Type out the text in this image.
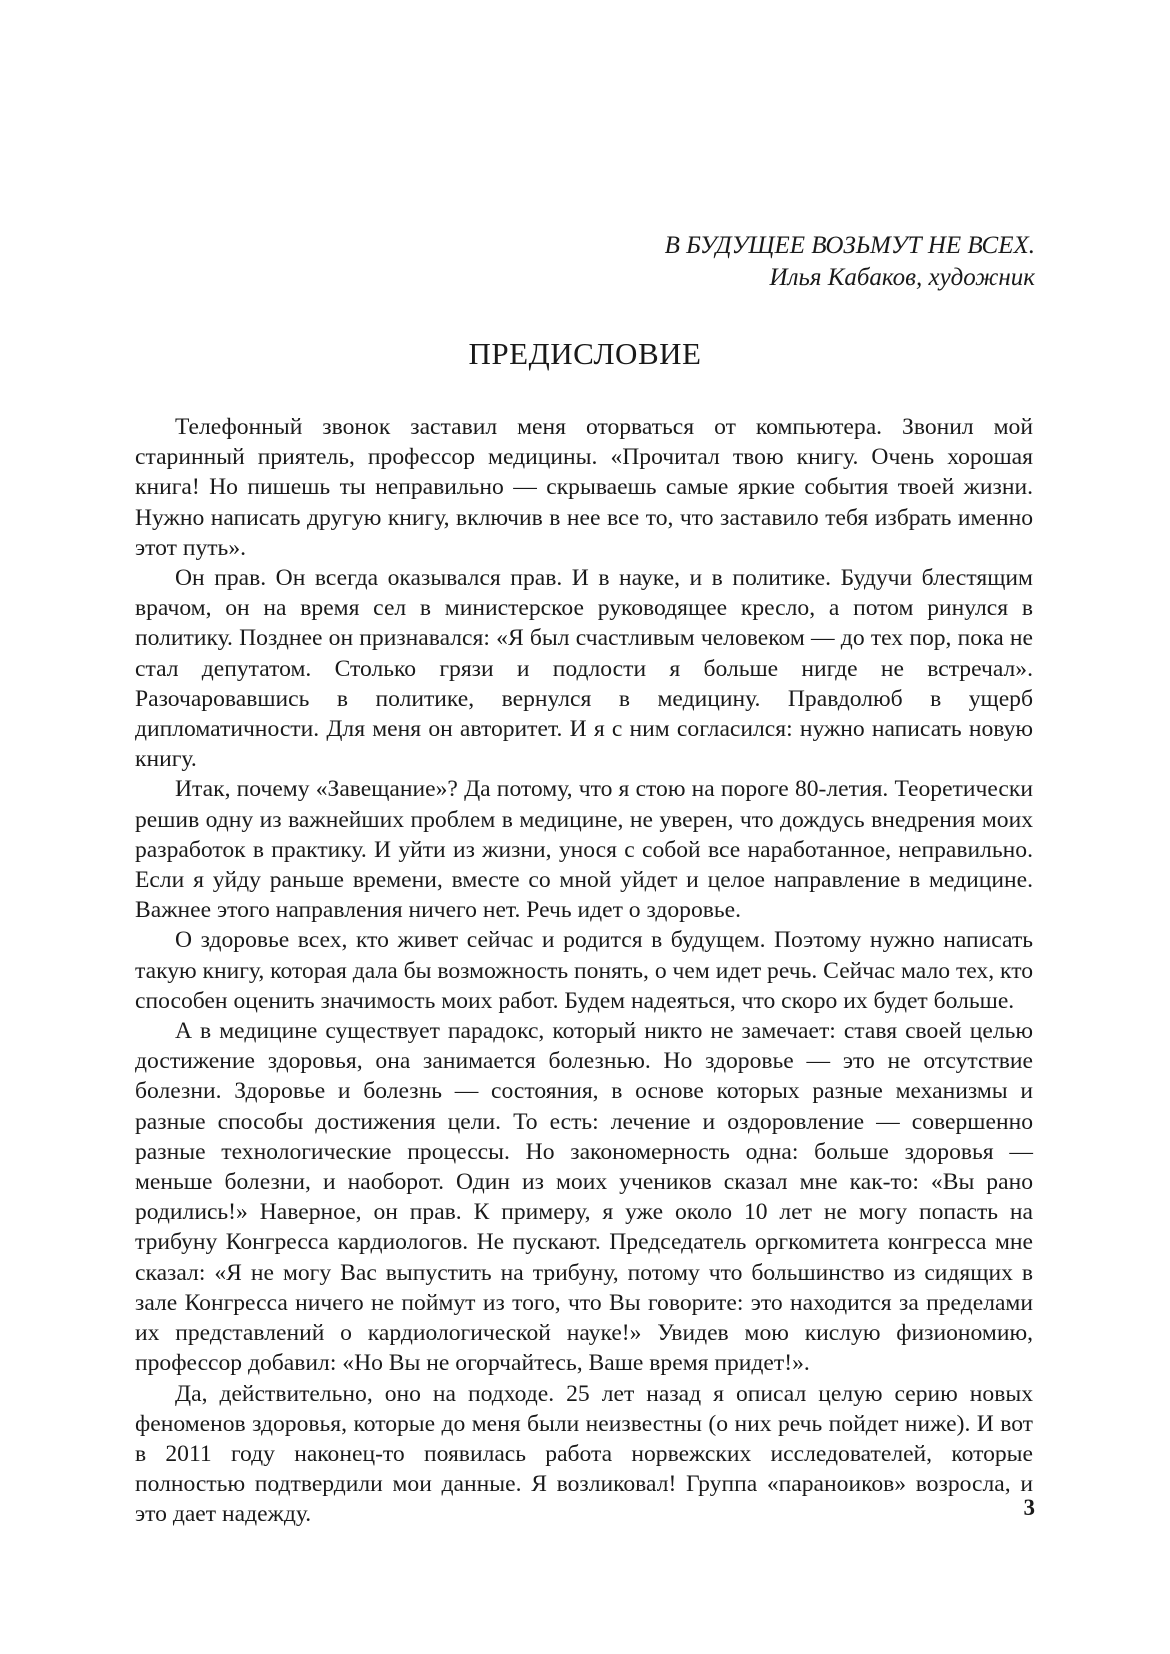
В БУДУЩЕЕ ВОЗЬМУТ НЕ ВСЕХ.
Илья Кабаков, художник
ПРЕДИСЛОВИЕ

Телефонный звонок заставил меня оторваться от компьютера. Звонил мой старинный приятель, профессор медицины. «Прочитал твою книгу. Очень хорошая книга! Но пишешь ты неправильно — скрываешь самые яркие события твоей жизни. Нужно написать другую книгу, включив в нее все то, что заставило тебя избрать именно этот путь».

Он прав. Он всегда оказывался прав. И в науке, и в политике. Будучи блестящим врачом, он на время сел в министерское руководящее кресло, а потом ринулся в политику. Позднее он признавался: «Я был счастливым человеком — до тех пор, пока не стал депутатом. Столько грязи и подлости я больше нигде не встречал». Разочаровавшись в политике, вернулся в медицину. Правдолюб в ущерб дипломатичности. Для меня он авторитет. И я с ним согласился: нужно написать новую книгу.

Итак, почему «Завещание»? Да потому, что я стою на пороге 80-летия. Теоретически решив одну из важнейших проблем в медицине, не уверен, что дождусь внедрения моих разработок в практику. И уйти из жизни, унося с собой все наработанное, неправильно. Если я уйду раньше времени, вместе со мной уйдет и целое направление в медицине. Важнее этого направления ничего нет. Речь идет о здоровье.

О здоровье всех, кто живет сейчас и родится в будущем. Поэтому нужно написать такую книгу, которая дала бы возможность понять, о чем идет речь. Сейчас мало тех, кто способен оценить значимость моих работ. Будем надеяться, что скоро их будет больше.

А в медицине существует парадокс, который никто не замечает: ставя своей целью достижение здоровья, она занимается болезнью. Но здоровье — это не отсутствие болезни. Здоровье и болезнь — состояния, в основе которых разные механизмы и разные способы достижения цели. То есть: лечение и оздоровление — совершенно разные технологические процессы. Но закономерность одна: больше здоровья — меньше болезни, и наоборот. Один из моих учеников сказал мне как-то: «Вы рано родились!» Наверное, он прав. К примеру, я уже около 10 лет не могу попасть на трибуну Конгресса кардиологов. Не пускают. Председатель оргкомитета конгресса мне сказал: «Я не могу Вас выпустить на трибуну, потому что большинство из сидящих в зале Конгресса ничего не поймут из того, что Вы говорите: это находится за пределами их представлений о кардиологической науке!» Увидев мою кислую физиономию, профессор добавил: «Но Вы не огорчайтесь, Ваше время придет!».

Да, действительно, оно на подходе. 25 лет назад я описал целую серию новых феноменов здоровья, которые до меня были неизвестны (о них речь пойдет ниже). И вот в 2011 году наконец-то появилась работа норвежских исследователей, которые полностью подтвердили мои данные. Я возликовал! Группа «параноиков» возросла, и это дает надежду.	3
